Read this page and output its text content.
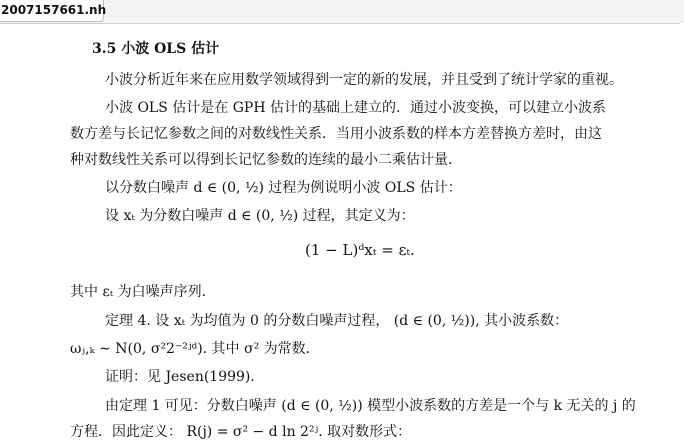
2007157661.nh
3.5 小波 OLS 估计
小波分析近年来在应用数学领域得到一定的新的发展，并且受到了统计学家的重视。
小波 OLS 估计是在 GPH 估计的基础上建立的．通过小波变换，可以建立小波系
数方差与长记忆参数之间的对数线性关系．当用小波系数的样本方差替换方差时，由这
种对数线性关系可以得到长记忆参数的连续的最小二乘估计量．
以分数白噪声 d ∈ (0, ½) 过程为例说明小波 OLS 估计：
设 xₜ 为分数白噪声 d ∈ (0, ½) 过程，其定义为：
(1 − L)ᵈxₜ = εₜ.
其中 εₜ 为白噪声序列．
定理 4. 设 xₜ 为均值为 0 的分数白噪声过程， (d ∈ (0, ½)), 其小波系数：
ωⱼ,ₖ ∼ N(0, σ²2⁻²ʲᵈ). 其中 σ² 为常数．
证明：见 Jesen(1999).
由定理 1 可见：分数白噪声 (d ∈ (0, ½)) 模型小波系数的方差是一个与 k 无关的 j 的
方程．因此定义： R(j) = σ² − d ln 2²ʲ. 取对数形式：
